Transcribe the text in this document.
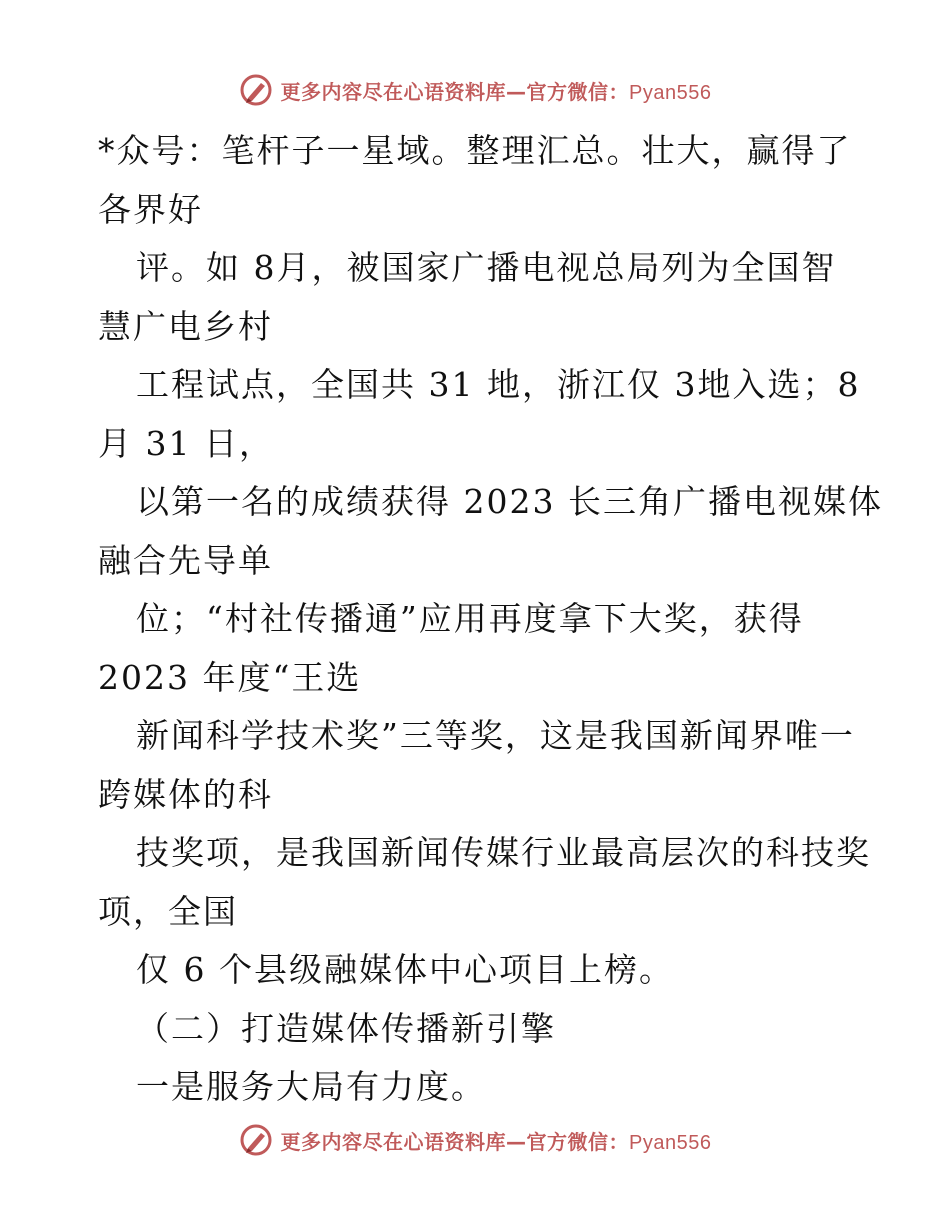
更多内容尽在心语资料库—官方微信：Pyan556
*众号：笔杆子一星域。整理汇总。壮大，赢得了
各界好
评。如 8月，被国家广播电视总局列为全国智
慧广电乡村
工程试点，全国共 31 地，浙江仅 3地入选；8
月 31 日，
以第一名的成绩获得 2023 长三角广播电视媒体
融合先导单
位；“村社传播通”应用再度拿下大奖，获得
2023 年度“王选
新闻科学技术奖”三等奖，这是我国新闻界唯一
跨媒体的科
技奖项，是我国新闻传媒行业最高层次的科技奖
项，全国
仅 6 个县级融媒体中心项目上榜。
（二）打造媒体传播新引擎
一是服务大局有力度。
更多内容尽在心语资料库—官方微信：Pyan556
